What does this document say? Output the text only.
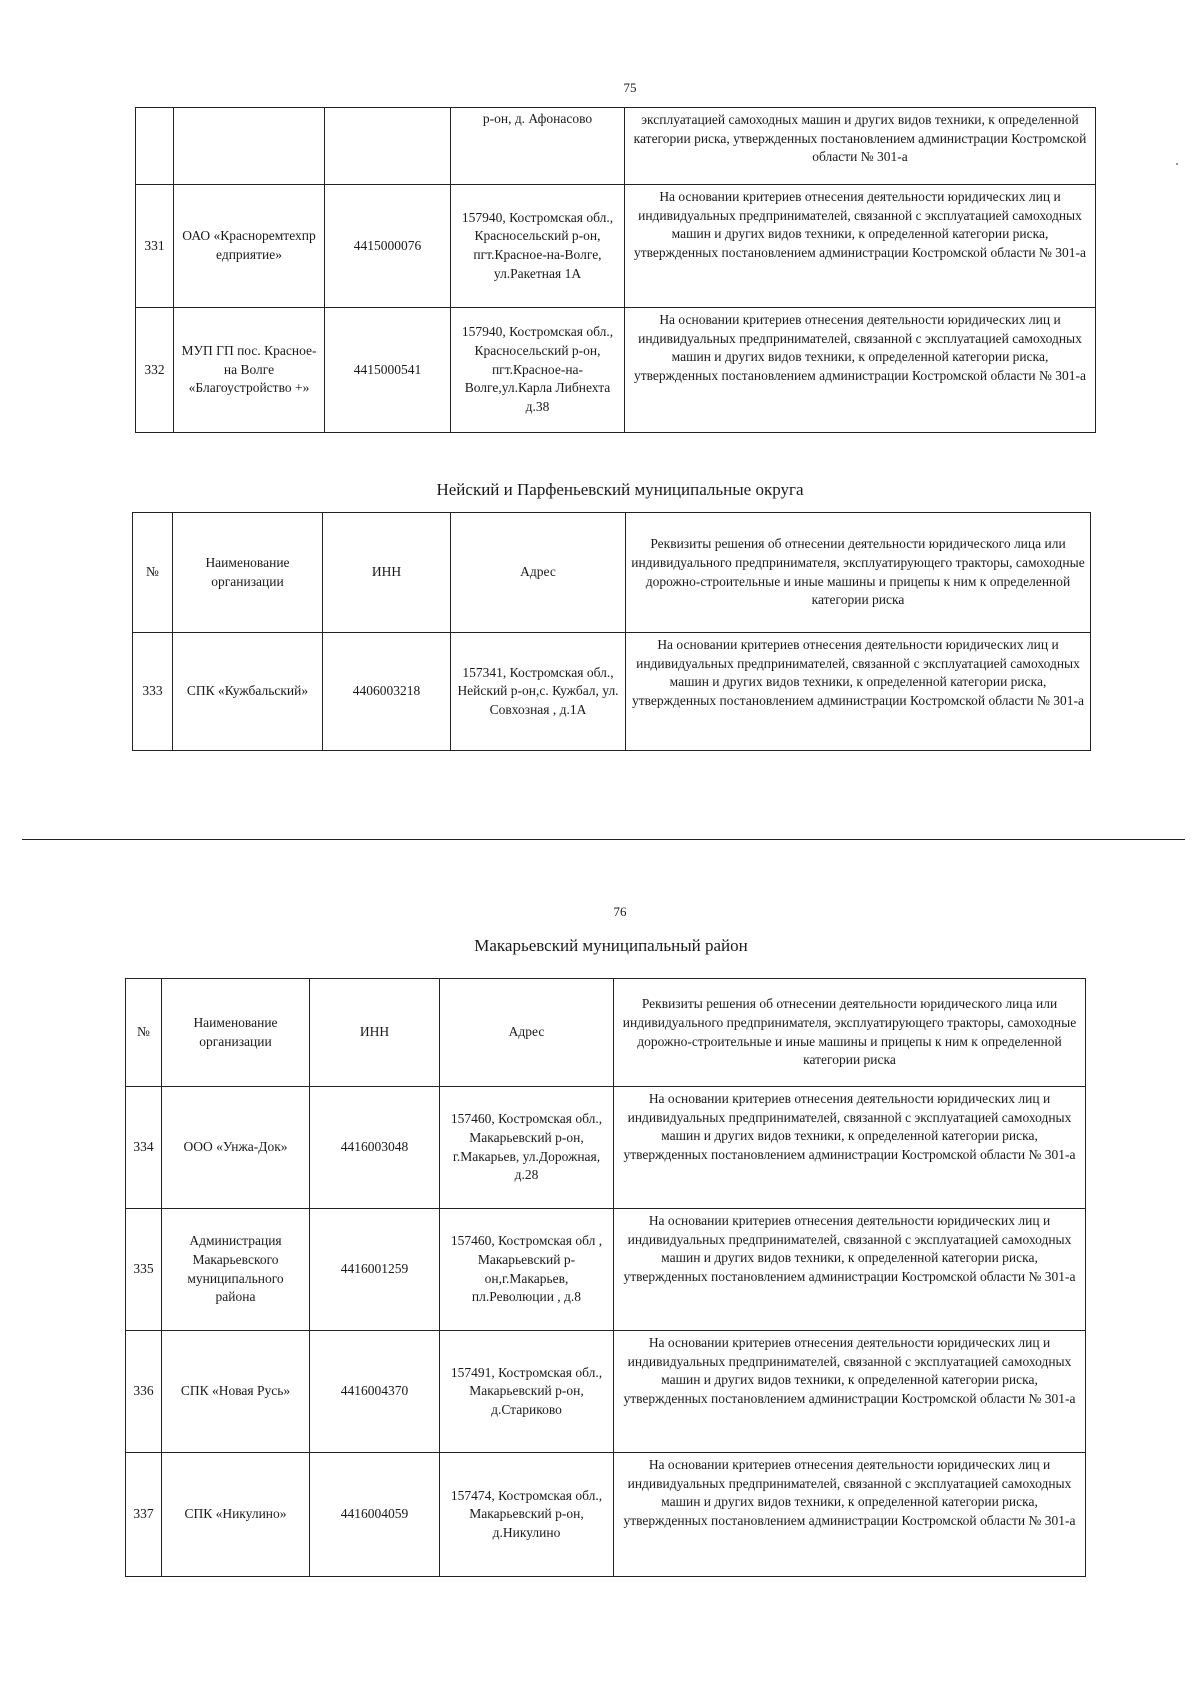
75
			р-он, д. Афонасово	эксплуатацией самоходных машин и других видов техники, к определенной категории риска, утвержденных постановлением администрации Костромской области № 301-а
331	ОАО «Красноремтехпр едприятие»	4415000076	157940, Костромская обл., Красносельский р-он, пгт.Красное-на-Волге, ул.Ракетная 1А	На основании критериев отнесения деятельности юридических лиц и индивидуальных предпринимателей, связанной с эксплуатацией самоходных машин и других видов техники, к определенной категории риска, утвержденных постановлением администрации Костромской области № 301-а
332	МУП ГП пос. Красное-на Волге «Благоустройство +»	4415000541	157940, Костромская обл., Красносельский р-он, пгт.Красное-на-Волге,ул.Карла Либнехта д.38	На основании критериев отнесения деятельности юридических лиц и индивидуальных предпринимателей, связанной с эксплуатацией самоходных машин и других видов техники, к определенной категории риска, утвержденных постановлением администрации Костромской области № 301-а
Нейский и Парфеньевский муниципальные округа
№	Наименование организации	ИНН	Адрес	Реквизиты решения об отнесении деятельности юридического лица или индивидуального предпринимателя, эксплуатирующего тракторы, самоходные дорожно-строительные и иные машины и прицепы к ним к определенной категории риска
333	СПК «Кужбальский»	4406003218	157341, Костромская обл., Нейский р-он,с. Кужбал, ул. Совхозная , д.1А	На основании критериев отнесения деятельности юридических лиц и индивидуальных предпринимателей, связанной с эксплуатацией самоходных машин и других видов техники, к определенной категории риска, утвержденных постановлением администрации Костромской области № 301-а
76
Макарьевский муниципальный район
№	Наименование организации	ИНН	Адрес	Реквизиты решения об отнесении деятельности юридического лица или индивидуального предпринимателя, эксплуатирующего тракторы, самоходные дорожно-строительные и иные машины и прицепы к ним к определенной категории риска
334	ООО «Унжа-Док»	4416003048	157460, Костромская обл., Макарьевский р-он, г.Макарьев, ул.Дорожная, д.28	На основании критериев отнесения деятельности юридических лиц и индивидуальных предпринимателей, связанной с эксплуатацией самоходных машин и других видов техники, к определенной категории риска, утвержденных постановлением администрации Костромской области № 301-а
335	Администрация Макарьевского муниципального района	4416001259	157460, Костромская обл , Макарьевский р-он,г.Макарьев, пл.Революции , д.8	На основании критериев отнесения деятельности юридических лиц и индивидуальных предпринимателей, связанной с эксплуатацией самоходных машин и других видов техники, к определенной категории риска, утвержденных постановлением администрации Костромской области № 301-а
336	СПК «Новая Русь»	4416004370	157491, Костромская обл., Макарьевский р-он, д.Стариково	На основании критериев отнесения деятельности юридических лиц и индивидуальных предпринимателей, связанной с эксплуатацией самоходных машин и других видов техники, к определенной категории риска, утвержденных постановлением администрации Костромской области № 301-а
337	СПК «Никулино»	4416004059	157474, Костромская обл., Макарьевский р-он, д.Никулино	На основании критериев отнесения деятельности юридических лиц и индивидуальных предпринимателей, связанной с эксплуатацией самоходных машин и других видов техники, к определенной категории риска, утвержденных постановлением администрации Костромской области № 301-а
